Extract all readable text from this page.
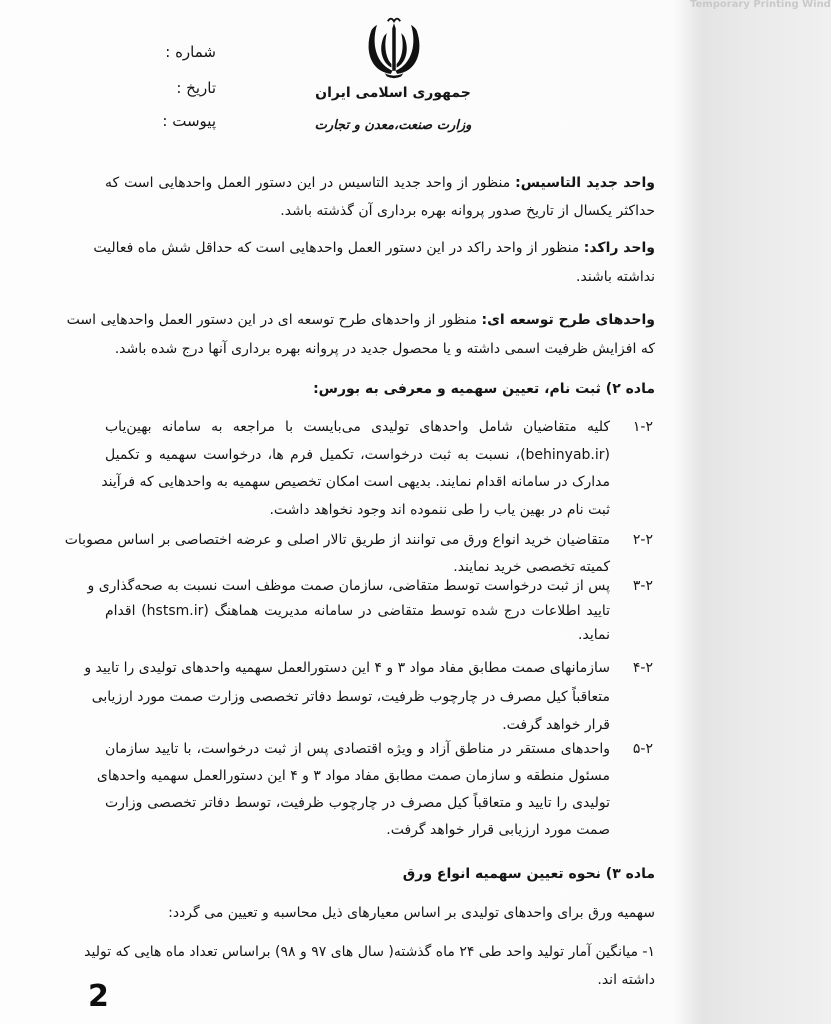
Temporary Printing Wind
شماره :
تاریخ :
پیوست :
جمهوری اسلامی ایران
وزارت صنعت،معدن و تجارت
واحد جدید التاسیس: منظور از واحد جدید التاسیس در این دستور العمل واحدهایی است که
حداکثر یکسال از تاریخ صدور پروانه بهره برداری آن گذشته باشد.
واحد راکد: منظور از واحد راکد در این دستور العمل واحدهایی است که حداقل شش ماه فعالیت
نداشته باشند.
واحدهای طرح توسعه ای: منظور از واحدهای طرح توسعه ای در این دستور العمل واحدهایی است
که افزایش ظرفیت اسمی داشته و یا محصول جدید در پروانه بهره برداری آنها درج شده باشد.
ماده ۲) ثبت نام، تعیین سهمیه و معرفی به بورس:
۱-۲
کلیه متقاضیان شامل واحدهای تولیدی می‌بایست با مراجعه به سامانه بهین‌یاب
(behinyab.ir)، نسبت به ثبت درخواست، تکمیل فرم ها، درخواست سهمیه و تکمیل
مدارک در سامانه اقدام نمایند. بدیهی است امکان تخصیص سهمیه به واحدهایی که فرآیند
ثبت نام در بهین یاب را طی ننموده اند وجود نخواهد داشت.
۲-۲
متقاضیان خرید انواع ورق می توانند از طریق تالار اصلی و عرضه اختصاصی بر اساس مصوبات
کمیته تخصصی خرید نمایند.
۳-۲
پس از ثبت درخواست توسط متقاضی، سازمان صمت موظف است نسبت به صحه‌گذاری و
تایید اطلاعات درج شده توسط متقاضی در سامانه مدیریت هماهنگ (hstsm.ir) اقدام
نماید.
۴-۲
سازمانهای صمت مطابق مفاد مواد ۳ و ۴ این دستورالعمل سهمیه واحدهای تولیدی را تایید و
متعاقباً کیل مصرف در چارچوب ظرفیت، توسط دفاتر تخصصی وزارت صمت مورد ارزیابی
قرار خواهد گرفت.
۵-۲
واحدهای مستقر در مناطق آزاد و ویژه اقتصادی پس از ثبت درخواست، با تایید سازمان
مسئول منطقه و سازمان صمت مطابق مفاد مواد ۳ و ۴ این دستورالعمل سهمیه واحدهای
تولیدی را تایید و متعاقباً کیل مصرف در چارچوب ظرفیت، توسط دفاتر تخصصی وزارت
صمت مورد ارزیابی قرار خواهد گرفت.
ماده ۳) نحوه تعیین سهمیه انواع ورق
سهمیه ورق برای واحدهای تولیدی بر اساس معیارهای ذیل محاسبه و تعیین می گردد:
۱- میانگین آمار تولید واحد طی ۲۴ ماه گذشته( سال های ۹۷ و ۹۸) براساس تعداد ماه هایی که تولید
داشته اند.
2
